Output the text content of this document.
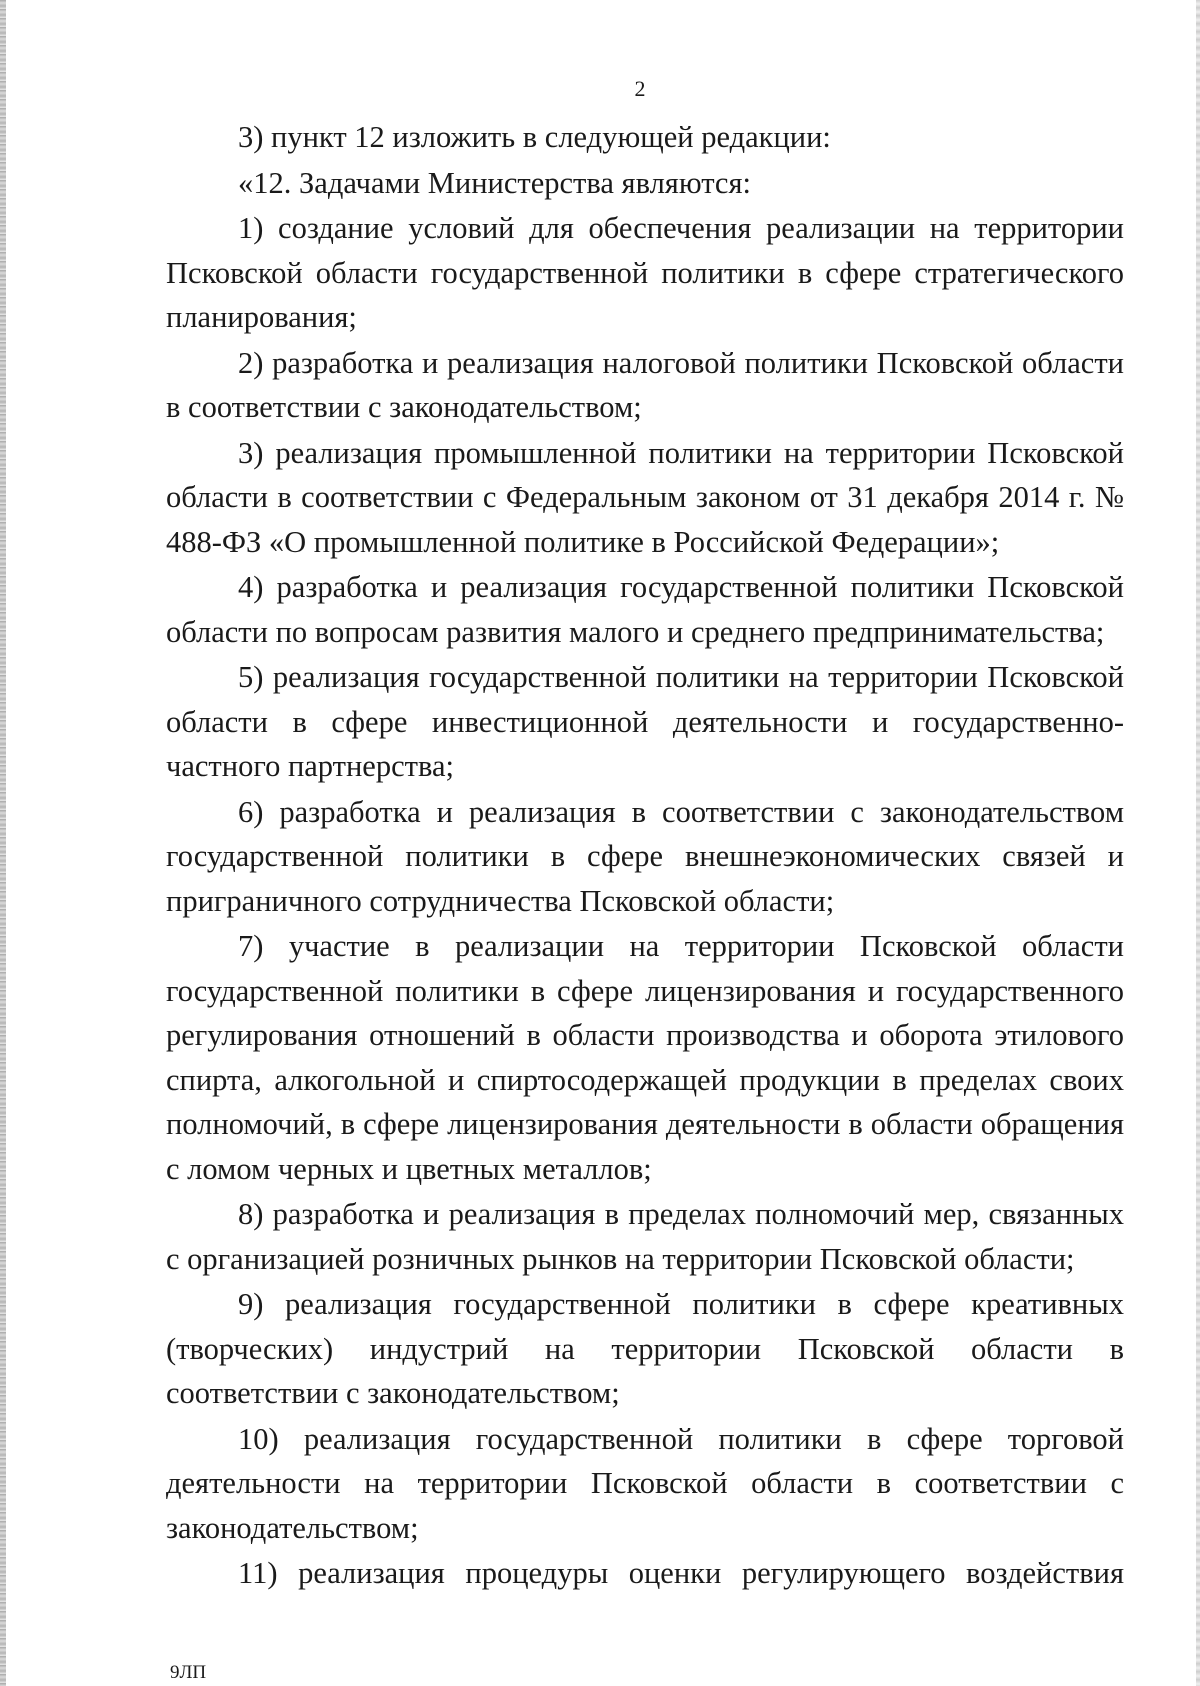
2

3) пункт 12 изложить в следующей редакции:

«12. Задачами Министерства являются:

1) создание условий для обеспечения реализации на территории Псковской области государственной политики в сфере стратегического планирования;

2) разработка и реализация налоговой политики Псковской области в соответствии с законодательством;

3) реализация промышленной политики на территории Псковской области в соответствии с Федеральным законом от 31 декабря 2014 г. № 488-ФЗ «О промышленной политике в Российской Федерации»;

4) разработка и реализация государственной политики Псковской области по вопросам развития малого и среднего предпринимательства;

5) реализация государственной политики на территории Псковской области в сфере инвестиционной деятельности и государственно-частного партнерства;

6) разработка и реализация в соответствии с законодательством государственной политики в сфере внешнеэкономических связей и приграничного сотрудничества Псковской области;

7) участие в реализации на территории Псковской области государственной политики в сфере лицензирования и государственного регулирования отношений в области производства и оборота этилового спирта, алкогольной и спиртосодержащей продукции в пределах своих полномочий, в сфере лицензирования деятельности в области обращения с ломом черных и цветных металлов;

8) разработка и реализация в пределах полномочий мер, связанных с организацией розничных рынков на территории Псковской области;

9) реализация государственной политики в сфере креативных (творческих) индустрий на территории Псковской области в соответствии с законодательством;

10) реализация государственной политики в сфере торговой деятельности на территории Псковской области в соответствии с законодательством;

11) реализация процедуры оценки регулирующего воздействия

9ЛП
